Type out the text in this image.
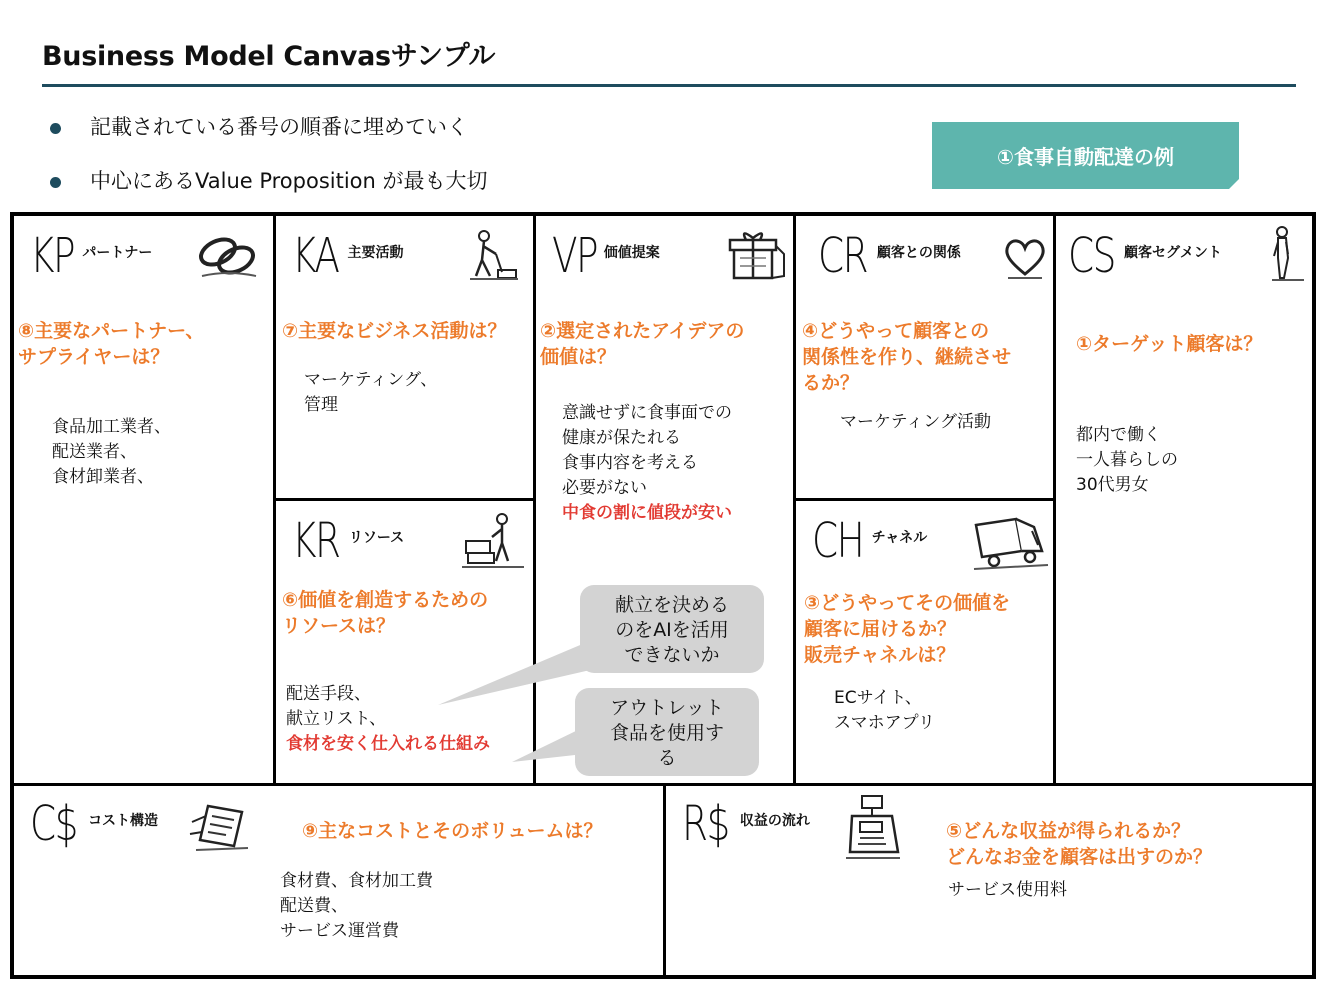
Business Model Canvasサンプル
記載されている番号の順番に埋めていく
中心にあるValue Proposition が最も大切
①食事自動配達の例
KP パートナー
⑧主要なパートナー、
サプライヤーは？
食品加工業者、
配送業者、
食材卸業者、
KA 主要活動
⑦主要なビジネス活動は？
マーケティング、
管理
KR リソース
⑥価値を創造するための
リソースは？
配送手段、
献立リスト、
食材を安く仕入れる仕組み
VP 価値提案
②選定されたアイデアの
価値は？
意識せずに食事面での
健康が保たれる
食事内容を考える
必要がない
中食の割に値段が安い
CR 顧客との関係
④どうやって顧客との
関係性を作り、継続させ
るか？
マーケティング活動
CH チャネル
③どうやってその価値を
顧客に届けるか？
販売チャネルは？
ECサイト、
スマホアプリ
CS 顧客セグメント
①ターゲット顧客は？
都内で働く
一人暮らしの
30代男女
C$ コスト構造	⑨主なコストとそのボリュームは？
食材費、食材加工費
配送費、
サービス運営費
R$ 収益の流れ	⑤どんな収益が得られるか？
どんなお金を顧客は出すのか？
サービス使用料
献立を決める
のをAIを活用
できないか
アウトレット
食品を使用す
る
